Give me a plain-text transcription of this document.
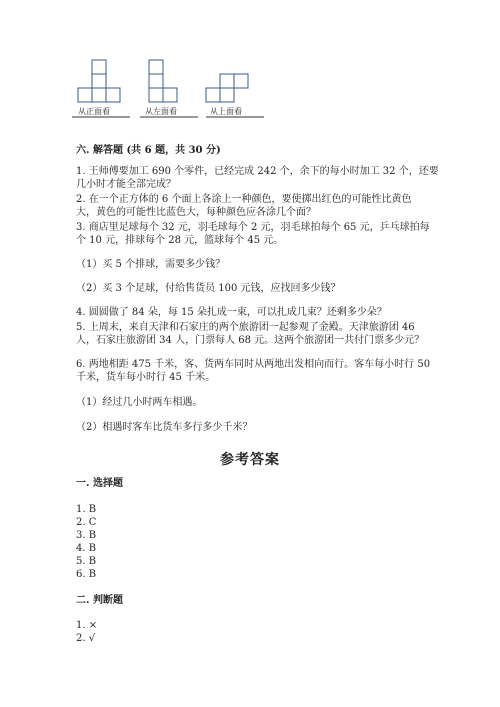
从正面看	从左面看	从上面看
六. 解答题 (共 6 题，共 30 分)
1. 王师傅要加工 690 个零件，已经完成 242 个，余下的每小时加工 32 个，还要
几小时才能全部完成？
2. 在一个正方体的 6 个面上各涂上一种颜色，要使掷出红色的可能性比黄色
大，黄色的可能性比蓝色大，每种颜色应各涂几个面？
3. 商店里足球每个 32 元，羽毛球每个 2 元，羽毛球拍每个 65 元，乒乓球拍每
个 10 元，排球每个 28 元，篮球每个 45 元。
（1）买 5 个排球，需要多少钱？
（2）买 3 个足球，付给售货员 100 元钱，应找回多少钱？
4. 圆圆做了 84 朵，每 15 朵扎成一束，可以扎成几束？还剩多少朵？
5. 上周末，来自天津和石家庄的两个旅游团一起参观了金殿。天津旅游团 46
人，石家庄旅游团 34 人，门票每人 68 元。这两个旅游团一共付门票多少元？
6. 两地相距 475 千米，客、货两车同时从两地出发相向而行。客车每小时行 50
千米，货车每小时行 45 千米。
（1）经过几小时两车相遇。
（2）相遇时客车比货车多行多少千米？
参考答案
一. 选择题
1. B
2. C
3. B
4. B
5. B
6. B
二. 判断题
1. ×
2. √
